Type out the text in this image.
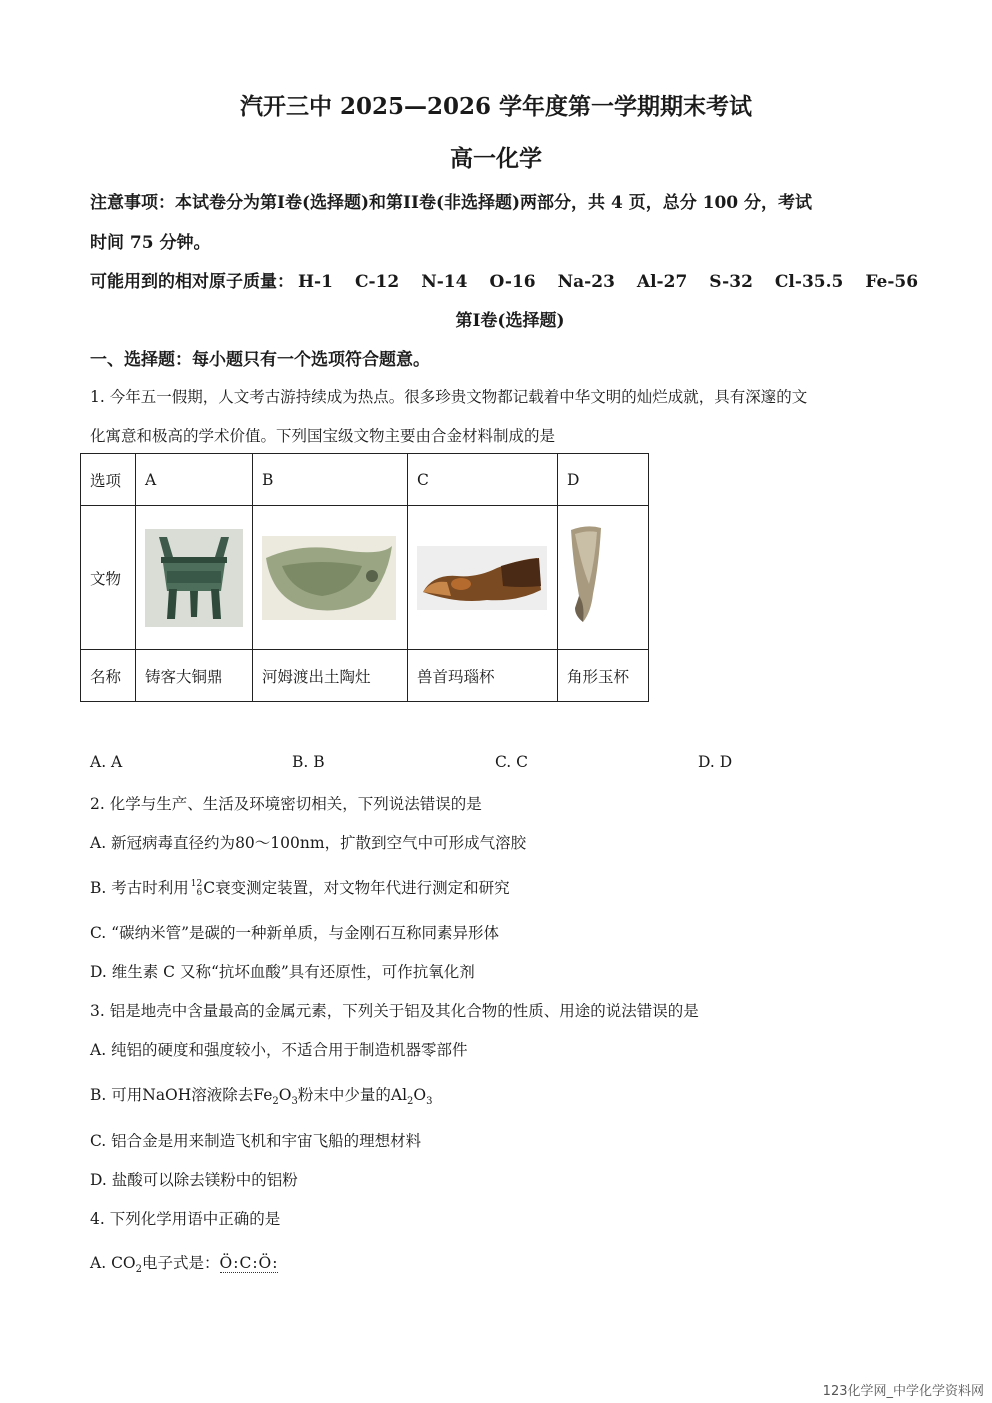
汽开三中 2025—2026 学年度第一学期期末考试
高一化学
注意事项：本试卷分为第I卷(选择题)和第II卷(非选择题)两部分，共 4 页，总分 100 分，考试
时间 75 分钟。
可能用到的相对原子质量： H-1 C-12 N-14 O-16 Na-23 Al-27 S-32 Cl-35.5 Fe-56
第I卷(选择题)
一、选择题：每小题只有一个选项符合题意。
1. 今年五一假期，人文考古游持续成为热点。很多珍贵文物都记载着中华文明的灿烂成就，具有深邃的文
化寓意和极高的学术价值。下列国宝级文物主要由合金材料制成的是
选项	A	B	C	D
文物	

名称	铸客大铜鼎	河姆渡出土陶灶	兽首玛瑙杯	角形玉杯
A. A	B. B	C. C	D. D
2. 化学与生产、生活及环境密切相关，下列说法错误的是
A. 新冠病毒直径约为80～100nm，扩散到空气中可形成气溶胶
B. 考古时利用 12
6 C衰变测定装置，对文物年代进行测定和研究
C. “碳纳米管”是碳的一种新单质，与金刚石互称同素异形体
D. 维生素 C 又称“抗坏血酸”具有还原性，可作抗氧化剂
3. 铝是地壳中含量最高的金属元素，下列关于铝及其化合物的性质、用途的说法错误的是
A. 纯铝的硬度和强度较小，不适合用于制造机器零部件
B. 可用NaOH溶液除去$Fe_2O_3$粉末中少量的$Al_2O_3$
C. 铝合金是用来制造飞机和宇宙飞船的理想材料
D. 盐酸可以除去镁粉中的铝粉
4. 下列化学用语中正确的是
A. $CO_2$电子式是：Ö:C:Ö:
123化学网_中学化学资料网
